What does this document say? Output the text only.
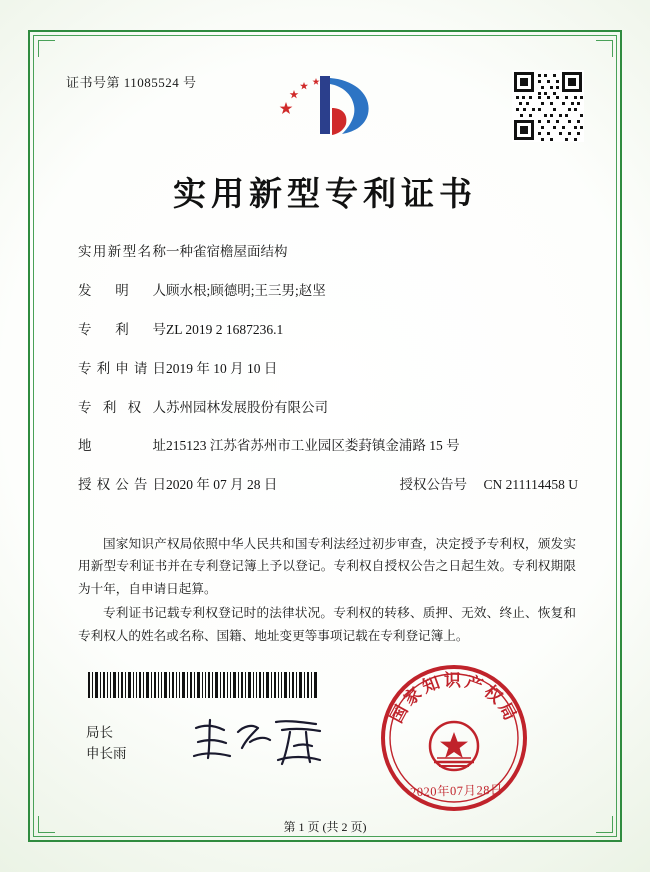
证书号第 11085524 号
实用新型专利证书
实用新型名称 一种雀宿檐屋面结构
发 明 人 顾水根;顾德明;王三男;赵坚
专 利 号 ZL 2019 2 1687236.1
专利申请日 2019 年 10 月 10 日
专 利 权 人 苏州园林发展股份有限公司
地 址 215123 江苏省苏州市工业园区娄葑镇金浦路 15 号
授权公告日 2020 年 07 月 28 日	授权公告号	CN 211114458 U

国家知识产权局依照中华人民共和国专利法经过初步审查，决定授予专利权，颁发实用新型专利证书并在专利登记簿上予以登记。专利权自授权公告之日起生效。专利权期限为十年，自申请日起算。

专利证书记载专利权登记时的法律状况。专利权的转移、质押、无效、终止、恢复和专利权人的姓名或名称、国籍、地址变更等事项记载在专利登记簿上。

局长
申长雨
国家知识产权局
2020年07月28日
第 1 页 (共 2 页)
